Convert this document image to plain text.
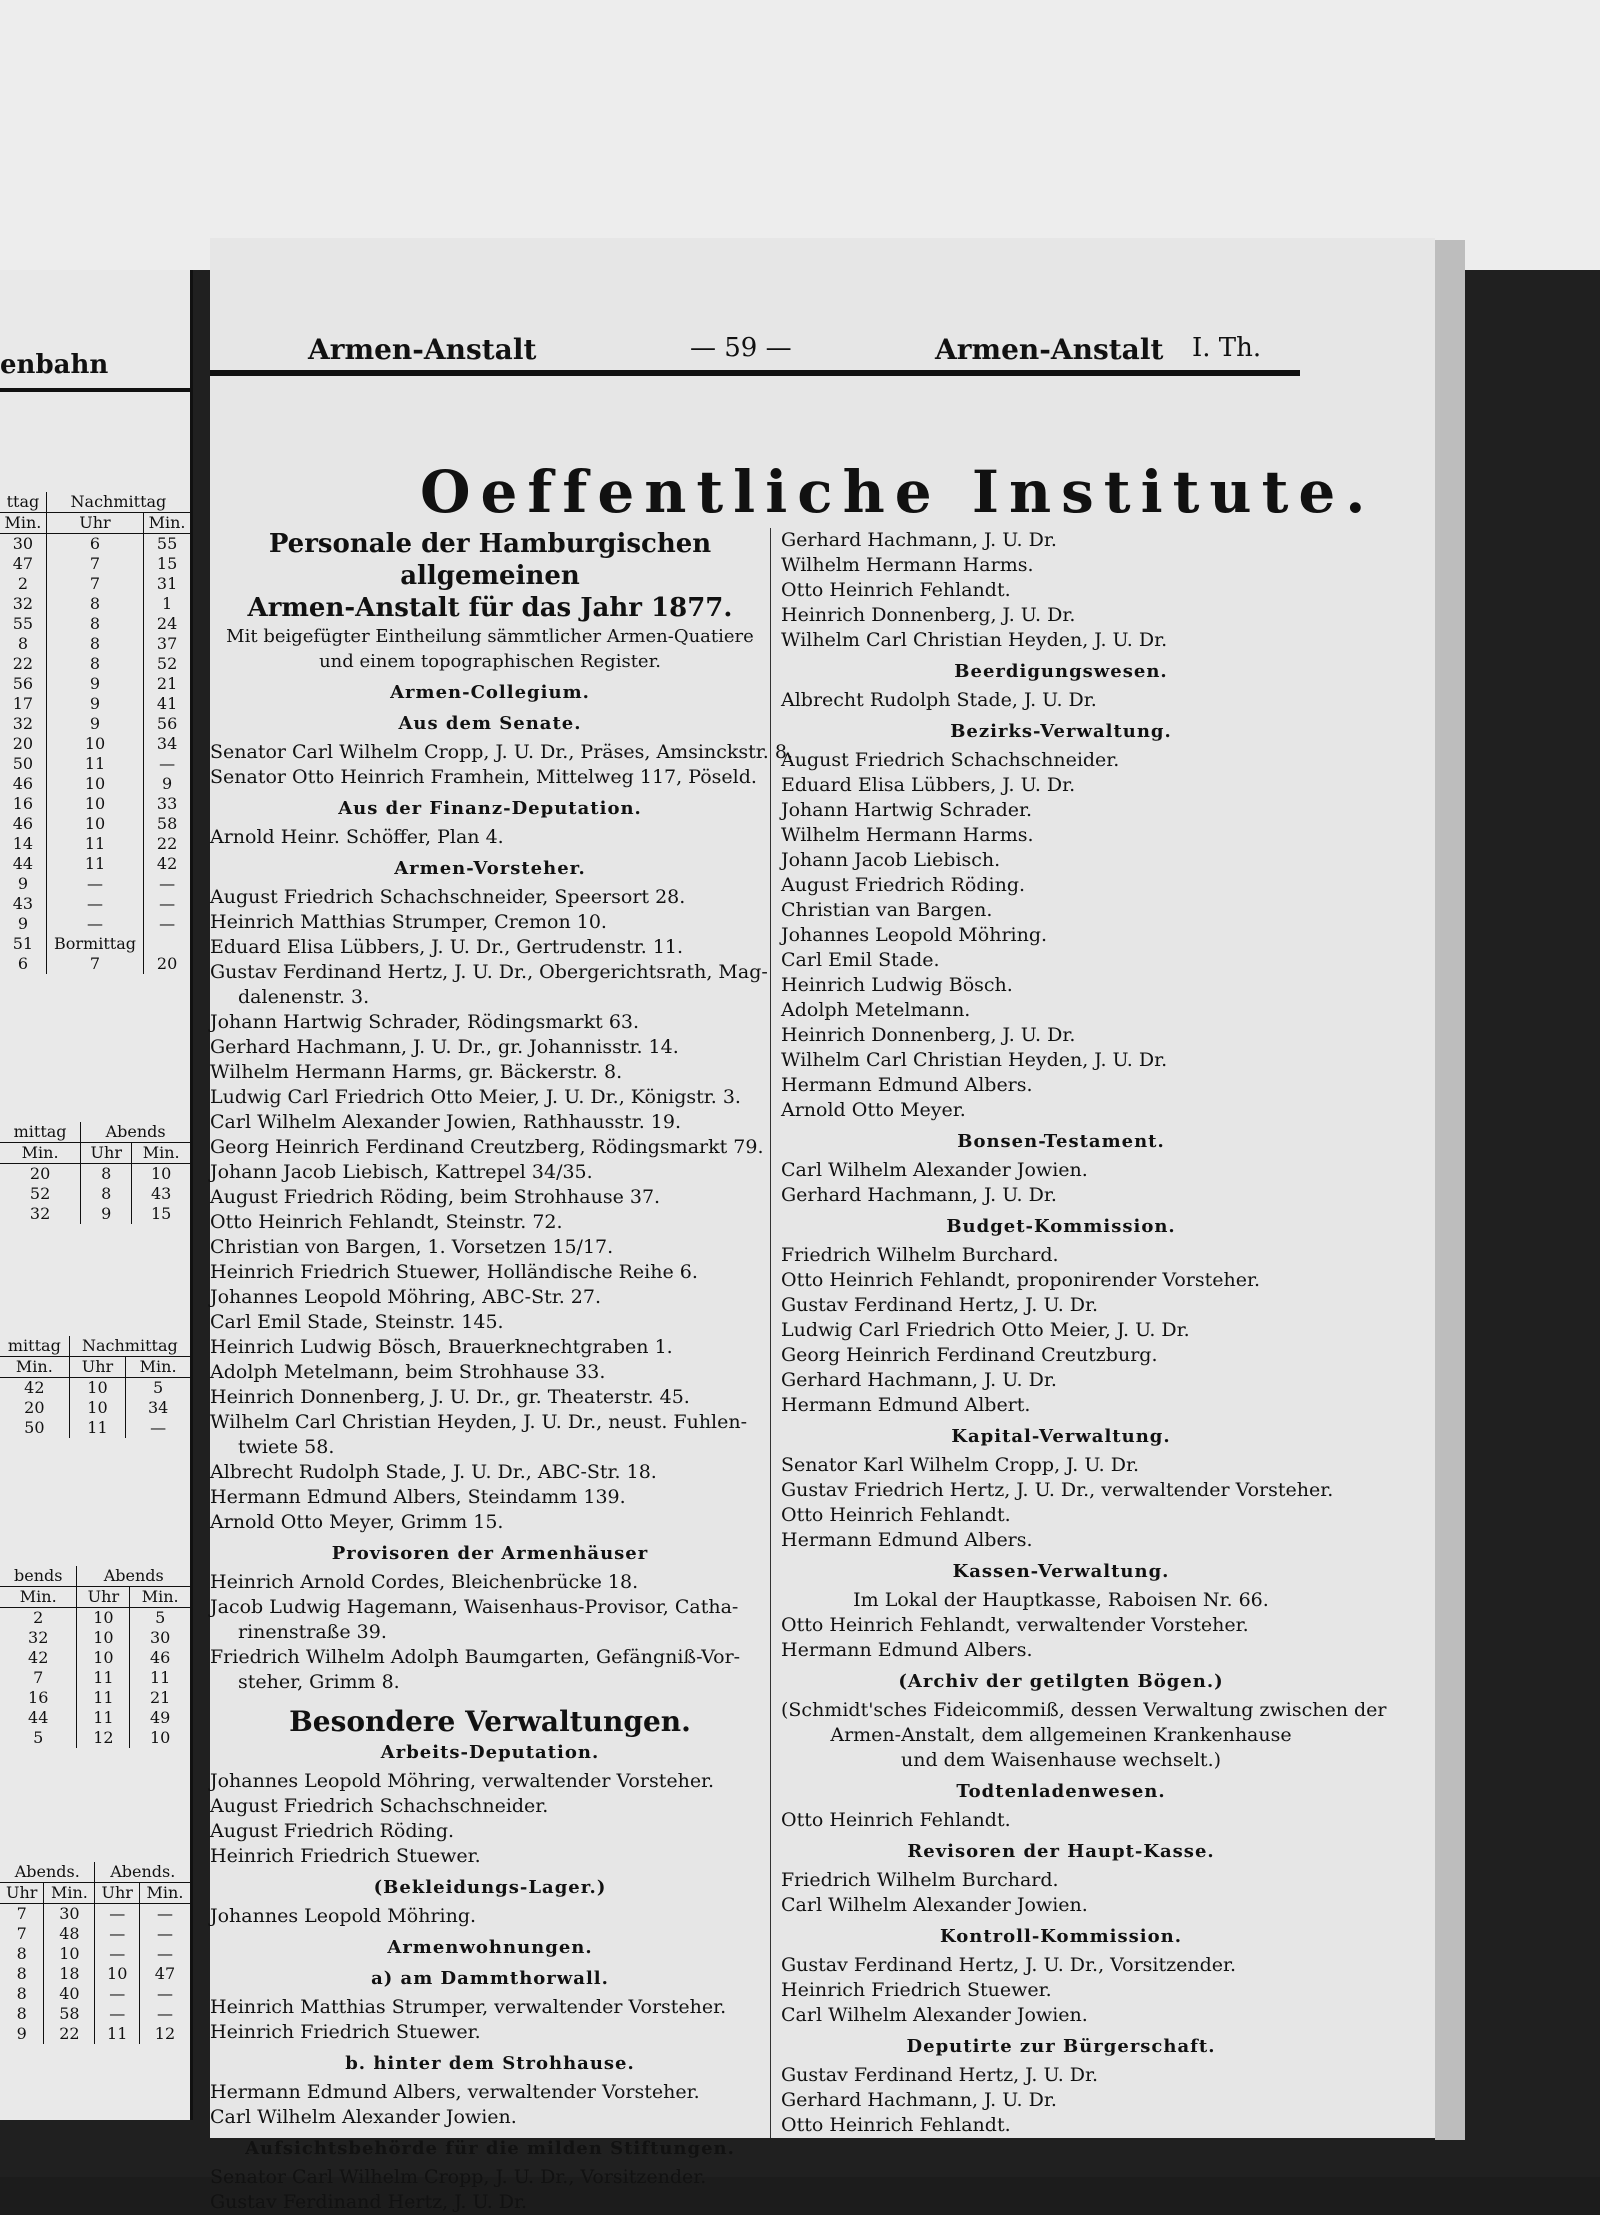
enbahn
ttag	Nachmittag	
Min.	Uhr	Min.
30	6	55
47	7	15
2	7	31
32	8	1
55	8	24
8	8	37
22	8	52
56	9	21
17	9	41
32	9	56
20	10	34
50	11	—
46	10	9
16	10	33
46	10	58
14	11	22
44	11	42
9	—	—
43	—	—
9	—	—
51	Bormittag	
6	7	20
mittag	Abends	
Min.	Uhr	Min.
20	8	10
52	8	43
32	9	15
mittag	Nachmittag	
Min.	Uhr	Min.
42	10	5
20	10	34
50	11	—
bends	Abends	
Min.	Uhr	Min.
2	10	5
32	10	30
42	10	46
7	11	11
16	11	21
44	11	49
5	12	10
Abends.		Abends.	
Uhr	Min.	Uhr	Min.
7	30	—	—
7	48	—	—
8	10	—	—
8	18	10	47
8	40	—	—
8	58	—	—
9	22	11	12
Armen-Anstalt	— 59 —	Armen-Anstalt I. Th.
Oeffentliche Institute.
Personale der Hamburgischen allgemeinen
Armen-Anstalt für das Jahr 1877.
Mit beigefügter Eintheilung sämmtlicher Armen-Quatiere
und einem topographischen Register.
Armen-Collegium.
Aus dem Senate.
Senator Carl Wilhelm Cropp, J. U. Dr., Präses, Amsinckstr. 8.
Senator Otto Heinrich Framhein, Mittelweg 117, Pöseld.
Aus der Finanz-Deputation.
Arnold Heinr. Schöffer, Plan 4.
Armen-Vorsteher.
August Friedrich Schachschneider, Speersort 28.
Heinrich Matthias Strumper, Cremon 10.
Eduard Elisa Lübbers, J. U. Dr., Gertrudenstr. 11.
Gustav Ferdinand Hertz, J. U. Dr., Obergerichtsrath, Mag-
dalenenstr. 3.
Johann Hartwig Schrader, Rödingsmarkt 63.
Gerhard Hachmann, J. U. Dr., gr. Johannisstr. 14.
Wilhelm Hermann Harms, gr. Bäckerstr. 8.
Ludwig Carl Friedrich Otto Meier, J. U. Dr., Königstr. 3.
Carl Wilhelm Alexander Jowien, Rathhausstr. 19.
Georg Heinrich Ferdinand Creutzberg, Rödingsmarkt 79.
Johann Jacob Liebisch, Kattrepel 34/35.
August Friedrich Röding, beim Strohhause 37.
Otto Heinrich Fehlandt, Steinstr. 72.
Christian von Bargen, 1. Vorsetzen 15/17.
Heinrich Friedrich Stuewer, Holländische Reihe 6.
Johannes Leopold Möhring, ABC-Str. 27.
Carl Emil Stade, Steinstr. 145.
Heinrich Ludwig Bösch, Brauerknechtgraben 1.
Adolph Metelmann, beim Strohhause 33.
Heinrich Donnenberg, J. U. Dr., gr. Theaterstr. 45.
Wilhelm Carl Christian Heyden, J. U. Dr., neust. Fuhlen-
twiete 58.
Albrecht Rudolph Stade, J. U. Dr., ABC-Str. 18.
Hermann Edmund Albers, Steindamm 139.
Arnold Otto Meyer, Grimm 15.
Provisoren der Armenhäuser
Heinrich Arnold Cordes, Bleichenbrücke 18.
Jacob Ludwig Hagemann, Waisenhaus-Provisor, Catha-
rinenstraße 39.
Friedrich Wilhelm Adolph Baumgarten, Gefängniß-Vor-
steher, Grimm 8.
Besondere Verwaltungen.
Arbeits-Deputation.
Johannes Leopold Möhring, verwaltender Vorsteher.
August Friedrich Schachschneider.
August Friedrich Röding.
Heinrich Friedrich Stuewer.
(Bekleidungs-Lager.)
Johannes Leopold Möhring.
Armenwohnungen.
a) am Dammthorwall.
Heinrich Matthias Strumper, verwaltender Vorsteher.
Heinrich Friedrich Stuewer.
b. hinter dem Strohhause.
Hermann Edmund Albers, verwaltender Vorsteher.
Carl Wilhelm Alexander Jowien.
Aufsichtsbehörde für die milden Stiftungen.
Senator Carl Wilhelm Cropp, J. U. Dr., Vorsitzender.
Gustav Ferdinand Hertz, J. U. Dr.
Gerhard Hachmann, J. U. Dr.
Wilhelm Hermann Harms.
Otto Heinrich Fehlandt.
Heinrich Donnenberg, J. U. Dr.
Wilhelm Carl Christian Heyden, J. U. Dr.
Beerdigungswesen.
Albrecht Rudolph Stade, J. U. Dr.
Bezirks-Verwaltung.
August Friedrich Schachschneider.
Eduard Elisa Lübbers, J. U. Dr.
Johann Hartwig Schrader.
Wilhelm Hermann Harms.
Johann Jacob Liebisch.
August Friedrich Röding.
Christian van Bargen.
Johannes Leopold Möhring.
Carl Emil Stade.
Heinrich Ludwig Bösch.
Adolph Metelmann.
Heinrich Donnenberg, J. U. Dr.
Wilhelm Carl Christian Heyden, J. U. Dr.
Hermann Edmund Albers.
Arnold Otto Meyer.
Bonsen-Testament.
Carl Wilhelm Alexander Jowien.
Gerhard Hachmann, J. U. Dr.
Budget-Kommission.
Friedrich Wilhelm Burchard.
Otto Heinrich Fehlandt, proponirender Vorsteher.
Gustav Ferdinand Hertz, J. U. Dr.
Ludwig Carl Friedrich Otto Meier, J. U. Dr.
Georg Heinrich Ferdinand Creutzburg.
Gerhard Hachmann, J. U. Dr.
Hermann Edmund Albert.
Kapital-Verwaltung.
Senator Karl Wilhelm Cropp, J. U. Dr.
Gustav Friedrich Hertz, J. U. Dr., verwaltender Vorsteher.
Otto Heinrich Fehlandt.
Hermann Edmund Albers.
Kassen-Verwaltung.
Im Lokal der Hauptkasse, Raboisen Nr. 66.
Otto Heinrich Fehlandt, verwaltender Vorsteher.
Hermann Edmund Albers.
(Archiv der getilgten Bögen.)
(Schmidt'sches Fideicommiß, dessen Verwaltung zwischen der
Armen-Anstalt, dem allgemeinen Krankenhause
und dem Waisenhause wechselt.)
Todtenladenwesen.
Otto Heinrich Fehlandt.
Revisoren der Haupt-Kasse.
Friedrich Wilhelm Burchard.
Carl Wilhelm Alexander Jowien.
Kontroll-Kommission.
Gustav Ferdinand Hertz, J. U. Dr., Vorsitzender.
Heinrich Friedrich Stuewer.
Carl Wilhelm Alexander Jowien.
Deputirte zur Bürgerschaft.
Gustav Ferdinand Hertz, J. U. Dr.
Gerhard Hachmann, J. U. Dr.
Otto Heinrich Fehlandt.
